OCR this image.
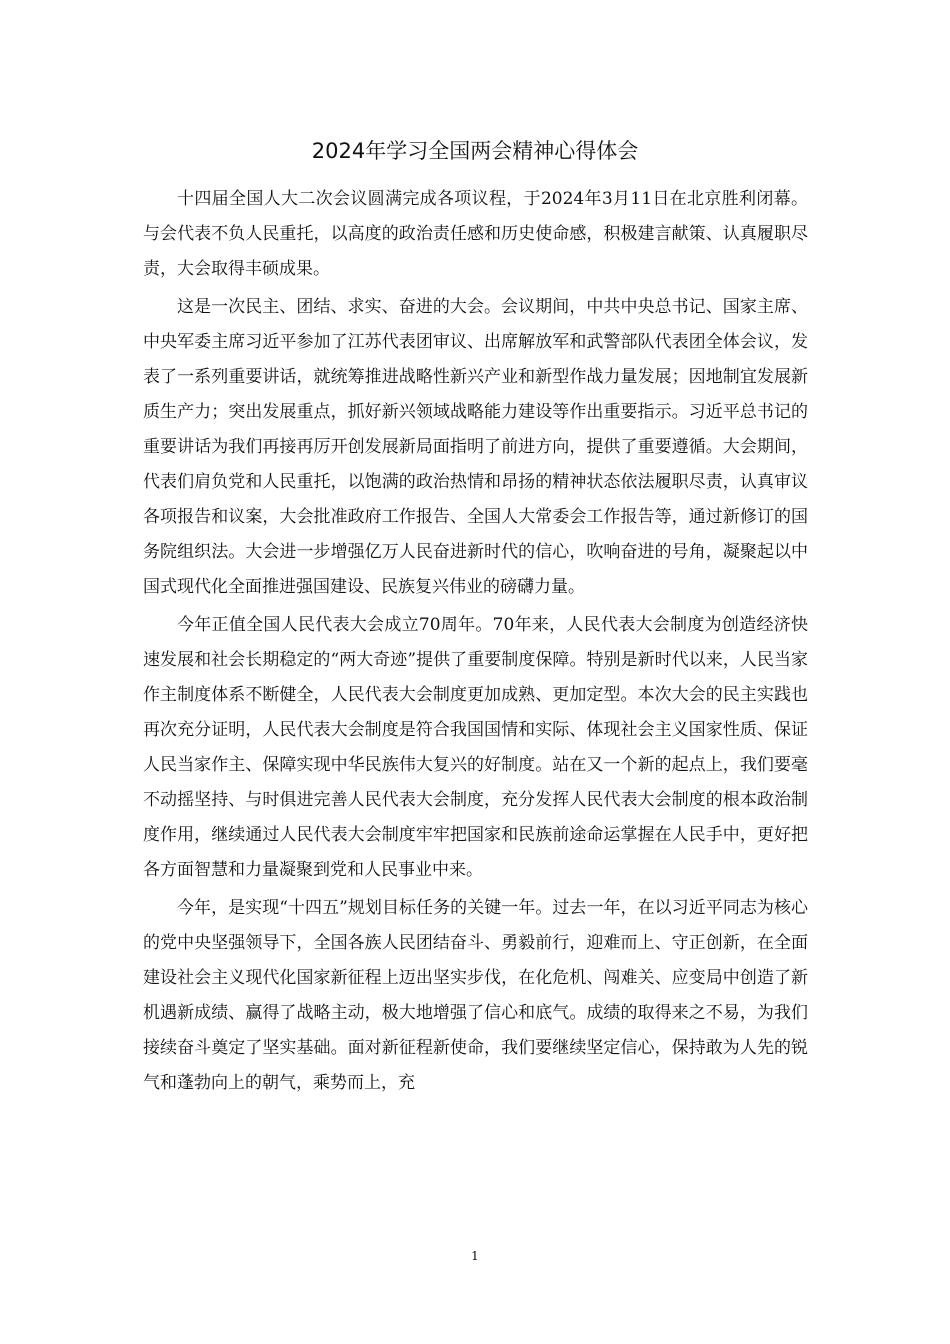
2024年学习全国两会精神心得体会

十四届全国人大二次会议圆满完成各项议程，于2024年3月11日在北京胜利闭幕。与会代表不负人民重托，以高度的政治责任感和历史使命感，积极建言献策、认真履职尽责，大会取得丰硕成果。

这是一次民主、团结、求实、奋进的大会。会议期间，中共中央总书记、国家主席、中央军委主席习近平参加了江苏代表团审议、出席解放军和武警部队代表团全体会议，发表了一系列重要讲话，就统筹推进战略性新兴产业和新型作战力量发展；因地制宜发展新质生产力；突出发展重点，抓好新兴领域战略能力建设等作出重要指示。习近平总书记的重要讲话为我们再接再厉开创发展新局面指明了前进方向，提供了重要遵循。大会期间，代表们肩负党和人民重托，以饱满的政治热情和昂扬的精神状态依法履职尽责，认真审议各项报告和议案，大会批准政府工作报告、全国人大常委会工作报告等，通过新修订的国务院组织法。大会进一步增强亿万人民奋进新时代的信心，吹响奋进的号角，凝聚起以中国式现代化全面推进强国建设、民族复兴伟业的磅礴力量。

今年正值全国人民代表大会成立70周年。70年来，人民代表大会制度为创造经济快速发展和社会长期稳定的“两大奇迹”提供了重要制度保障。特别是新时代以来，人民当家作主制度体系不断健全，人民代表大会制度更加成熟、更加定型。本次大会的民主实践也再次充分证明，人民代表大会制度是符合我国国情和实际、体现社会主义国家性质、保证人民当家作主、保障实现中华民族伟大复兴的好制度。站在又一个新的起点上，我们要毫不动摇坚持、与时俱进完善人民代表大会制度，充分发挥人民代表大会制度的根本政治制度作用，继续通过人民代表大会制度牢牢把国家和民族前途命运掌握在人民手中，更好把各方面智慧和力量凝聚到党和人民事业中来。

今年，是实现“十四五”规划目标任务的关键一年。过去一年，在以习近平同志为核心的党中央坚强领导下，全国各族人民团结奋斗、勇毅前行，迎难而上、守正创新，在全面建设社会主义现代化国家新征程上迈出坚实步伐，在化危机、闯难关、应变局中创造了新机遇新成绩、赢得了战略主动，极大地增强了信心和底气。成绩的取得来之不易，为我们接续奋斗奠定了坚实基础。面对新征程新使命，我们要继续坚定信心，保持敢为人先的锐气和蓬勃向上的朝气，乘势而上，充

1
